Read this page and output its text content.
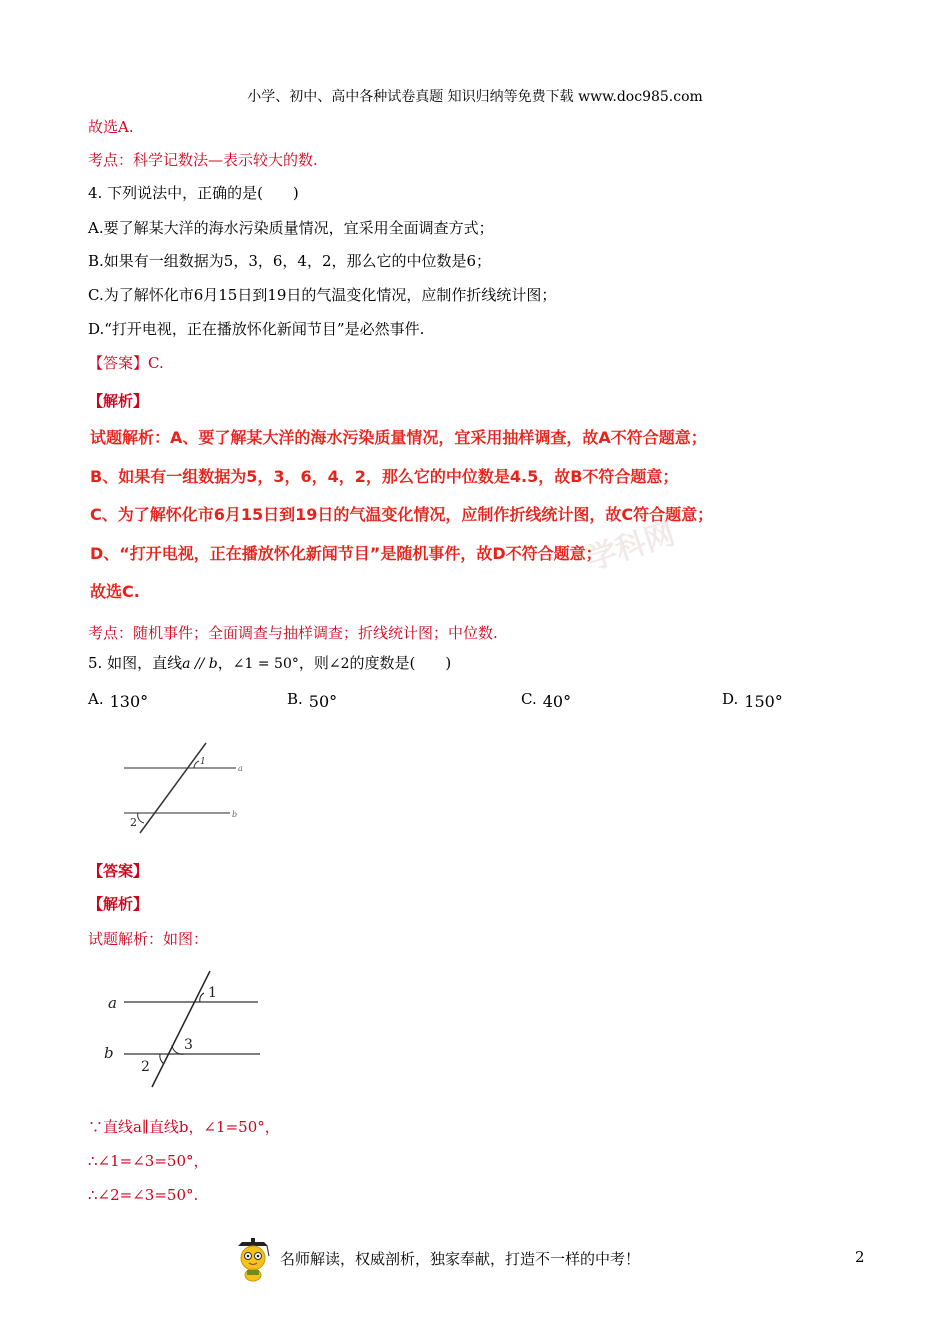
小学、初中、高中各种试卷真题 知识归纳等免费下载 www.doc985.com
学科网
故选A.
考点：科学记数法—表示较大的数.
4. 下列说法中，正确的是(　　)
A.要了解某大洋的海水污染质量情况，宜采用全面调查方式；
B.如果有一组数据为5，3，6，4，2，那么它的中位数是6；
C.为了解怀化市6月15日到19日的气温变化情况，应制作折线统计图；
D.“打开电视，正在播放怀化新闻节目”是必然事件.
【答案】C.
【解析】
试题解析：A、要了解某大洋的海水污染质量情况，宜采用抽样调查，故A不符合题意；
B、如果有一组数据为5，3，6，4，2，那么它的中位数是4.5，故B不符合题意；
C、为了解怀化市6月15日到19日的气温变化情况，应制作折线统计图，故C符合题意；
D、“打开电视，正在播放怀化新闻节目”是随机事件，故D不符合题意；
故选C.
考点：随机事件；全面调查与抽样调查；折线统计图；中位数.
5. 如图，直线a // b，∠1 = 50°，则∠2的度数是(　　)
A. 130°	B. 50°	C. 40°	D. 150°
1
a
b
2
【答案】
【解析】
试题解析：如图：
a
b
1
3
2
∵直线a∥直线b，∠1=50°，
∴∠1=∠3=50°，
∴∠2=∠3=50°.
名师解读，权威剖析，独家奉献，打造不一样的中考！	2
